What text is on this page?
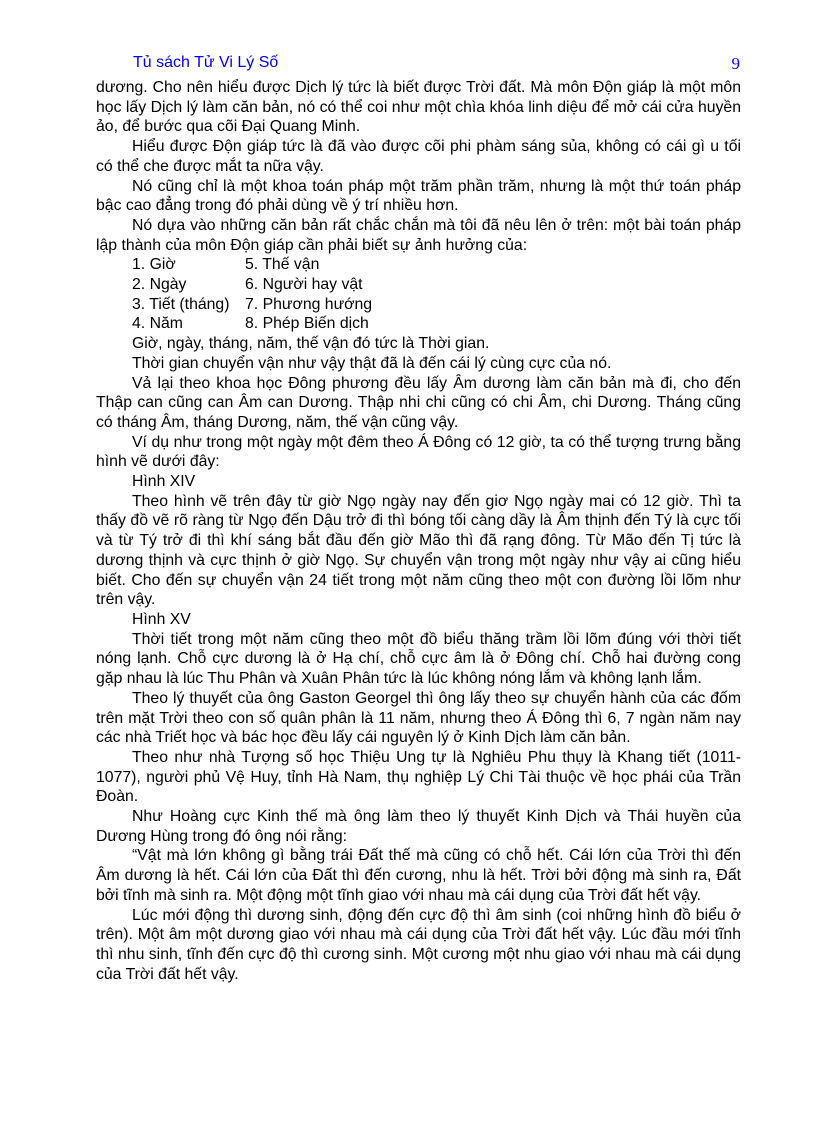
Tủ sách Tử Vi Lý Số	9

dương. Cho nên hiểu được Dịch lý tức là biết được Trời đất. Mà môn Độn giáp là một môn học lấy Dịch lý làm căn bản, nó có thể coi như một chìa khóa linh diệu để mở cái cửa huyền ảo, để bước qua cõi Đại Quang Minh.

Hiểu được Độn giáp tức là đã vào được cõi phi phàm sáng sủa, không có cái gì u tối có thể che được mắt ta nữa vậy.

Nó cũng chỉ là một khoa toán pháp một trăm phần trăm, nhưng là một thứ toán pháp bậc cao đẳng trong đó phải dùng về ý trí nhiều hơn.

Nó dựa vào những căn bản rất chắc chắn mà tôi đã nêu lên ở trên: một bài toán pháp lập thành của môn Độn giáp cần phải biết sự ảnh hưởng của:

1. Giờ	5. Thế vận
2. Ngày	6. Người hay vật
3. Tiết (tháng) 7. Phương hướng
4. Năm	8. Phép Biến dịch

Giờ, ngày, tháng, năm, thế vận đó tức là Thời gian.

Thời gian chuyển vận như vậy thật đã là đến cái lý cùng cực của nó.

Vả lại theo khoa học Đông phương đều lấy Âm dương làm căn bản mà đi, cho đến Thập can cũng can Âm can Dương. Thập nhi chi cũng có chi Âm, chi Dương. Tháng cũng có tháng Âm, tháng Dương, năm, thế vận cũng vậy.

Ví dụ như trong một ngày một đêm theo Á Đông có 12 giờ, ta có thể tượng trưng bằng hình vẽ dưới đây:

Hình XIV

Theo hình vẽ trên đây từ giờ Ngọ ngày nay đến giơ Ngọ ngày mai có 12 giờ. Thì ta thấy đồ vẽ rõ ràng từ Ngọ đến Dậu trở đi thì bóng tối càng dầy là Âm thịnh đến Tý là cực tối và từ Tý trở đi thì khí sáng bắt đầu đến giờ Mão thì đã rạng đông. Từ Mão đến Tị tức là dương thịnh và cực thịnh ở giờ Ngọ. Sự chuyển vận trong một ngày như vậy ai cũng hiểu biết. Cho đến sự chuyển vận 24 tiết trong một năm cũng theo một con đường lồi lõm như trên vậy.

Hình XV

Thời tiết trong một năm cũng theo một đồ biểu thăng trầm lồi lõm đúng với thời tiết nóng lạnh. Chỗ cực dương là ở Hạ chí, chỗ cực âm là ở Đông chí. Chỗ hai đường cong gặp nhau là lúc Thu Phân và Xuân Phân tức là lúc không nóng lắm và không lạnh lắm.

Theo lý thuyết của ông Gaston Georgel thì ông lấy theo sự chuyển hành của các đốm trên mặt Trời theo con số quân phân là 11 năm, nhưng theo Á Đông thì 6, 7 ngàn năm nay các nhà Triết học và bác học đều lấy cái nguyên lý ở Kinh Dịch làm căn bản.

Theo như nhà Tượng số học Thiệu Ung tự là Nghiêu Phu thụy là Khang tiết (1011-1077), người phủ Vệ Huy, tỉnh Hà Nam, thụ nghiệp Lý Chi Tài thuộc về học phái của Trần Đoàn.

Như Hoàng cực Kinh thế mà ông làm theo lý thuyết Kinh Dịch và Thái huyền của Dương Hùng trong đó ông nói rằng:

“Vật mà lớn không gì bằng trái Đất thế mà cũng có chỗ hết. Cái lớn của Trời thì đến Âm dương là hết. Cái lớn của Đất thì đến cương, nhu là hết. Trời bởi động mà sinh ra, Đất bởi tĩnh mà sinh ra. Một động một tĩnh giao với nhau mà cái dụng của Trời đất hết vậy.

Lúc mới động thì dương sinh, động đến cực độ thì âm sinh (coi những hình đồ biểu ở trên). Một âm một dương giao với nhau mà cái dụng của Trời đất hết vậy. Lúc đầu mới tĩnh thì nhu sinh, tĩnh đến cực độ thì cương sinh. Một cương một nhu giao với nhau mà cái dụng của Trời đất hết vậy.
